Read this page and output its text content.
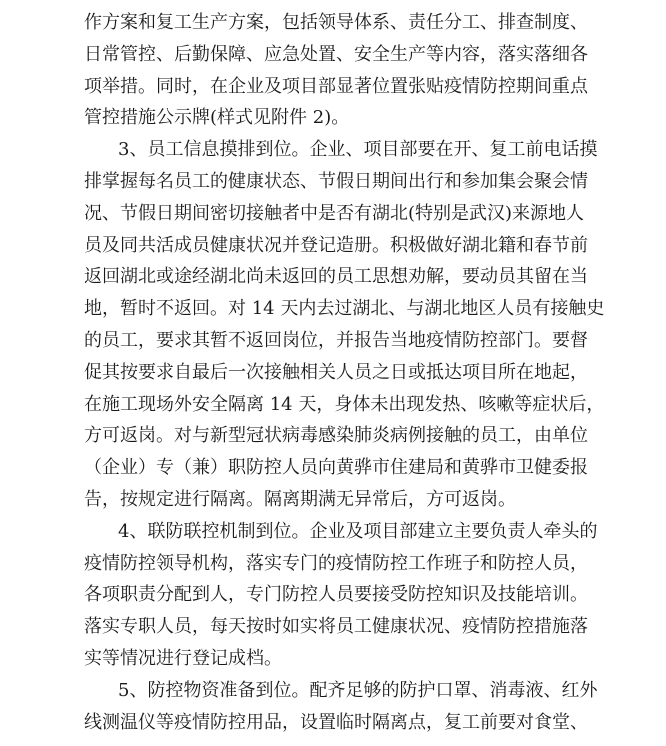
作方案和复工生产方案，包括领导体系、责任分工、排查制度、
日常管控、后勤保障、应急处置、安全生产等内容，落实落细各
项举措。同时，在企业及项目部显著位置张贴疫情防控期间重点
管控措施公示牌(样式见附件 2)。
3、员工信息摸排到位。企业、项目部要在开、复工前电话摸
排掌握每名员工的健康状态、节假日期间出行和参加集会聚会情
况、节假日期间密切接触者中是否有湖北(特别是武汉)来源地人
员及同共活成员健康状况并登记造册。积极做好湖北籍和春节前
返回湖北或途经湖北尚未返回的员工思想劝解，要动员其留在当
地，暂时不返回。对 14 天内去过湖北、与湖北地区人员有接触史
的员工，要求其暂不返回岗位，并报告当地疫情防控部门。要督
促其按要求自最后一次接触相关人员之日或抵达项目所在地起，
在施工现场外安全隔离 14 天，身体未出现发热、咳嗽等症状后，
方可返岗。对与新型冠状病毒感染肺炎病例接触的员工，由单位
（企业）专（兼）职防控人员向黄骅市住建局和黄骅市卫健委报
告，按规定进行隔离。隔离期满无异常后，方可返岗。
4、联防联控机制到位。企业及项目部建立主要负责人牵头的
疫情防控领导机构，落实专门的疫情防控工作班子和防控人员，
各项职责分配到人，专门防控人员要接受防控知识及技能培训。
落实专职人员，每天按时如实将员工健康状况、疫情防控措施落
实等情况进行登记成档。
5、防控物资准备到位。配齐足够的防护口罩、消毒液、红外
线测温仪等疫情防控用品，设置临时隔离点，复工前要对食堂、
